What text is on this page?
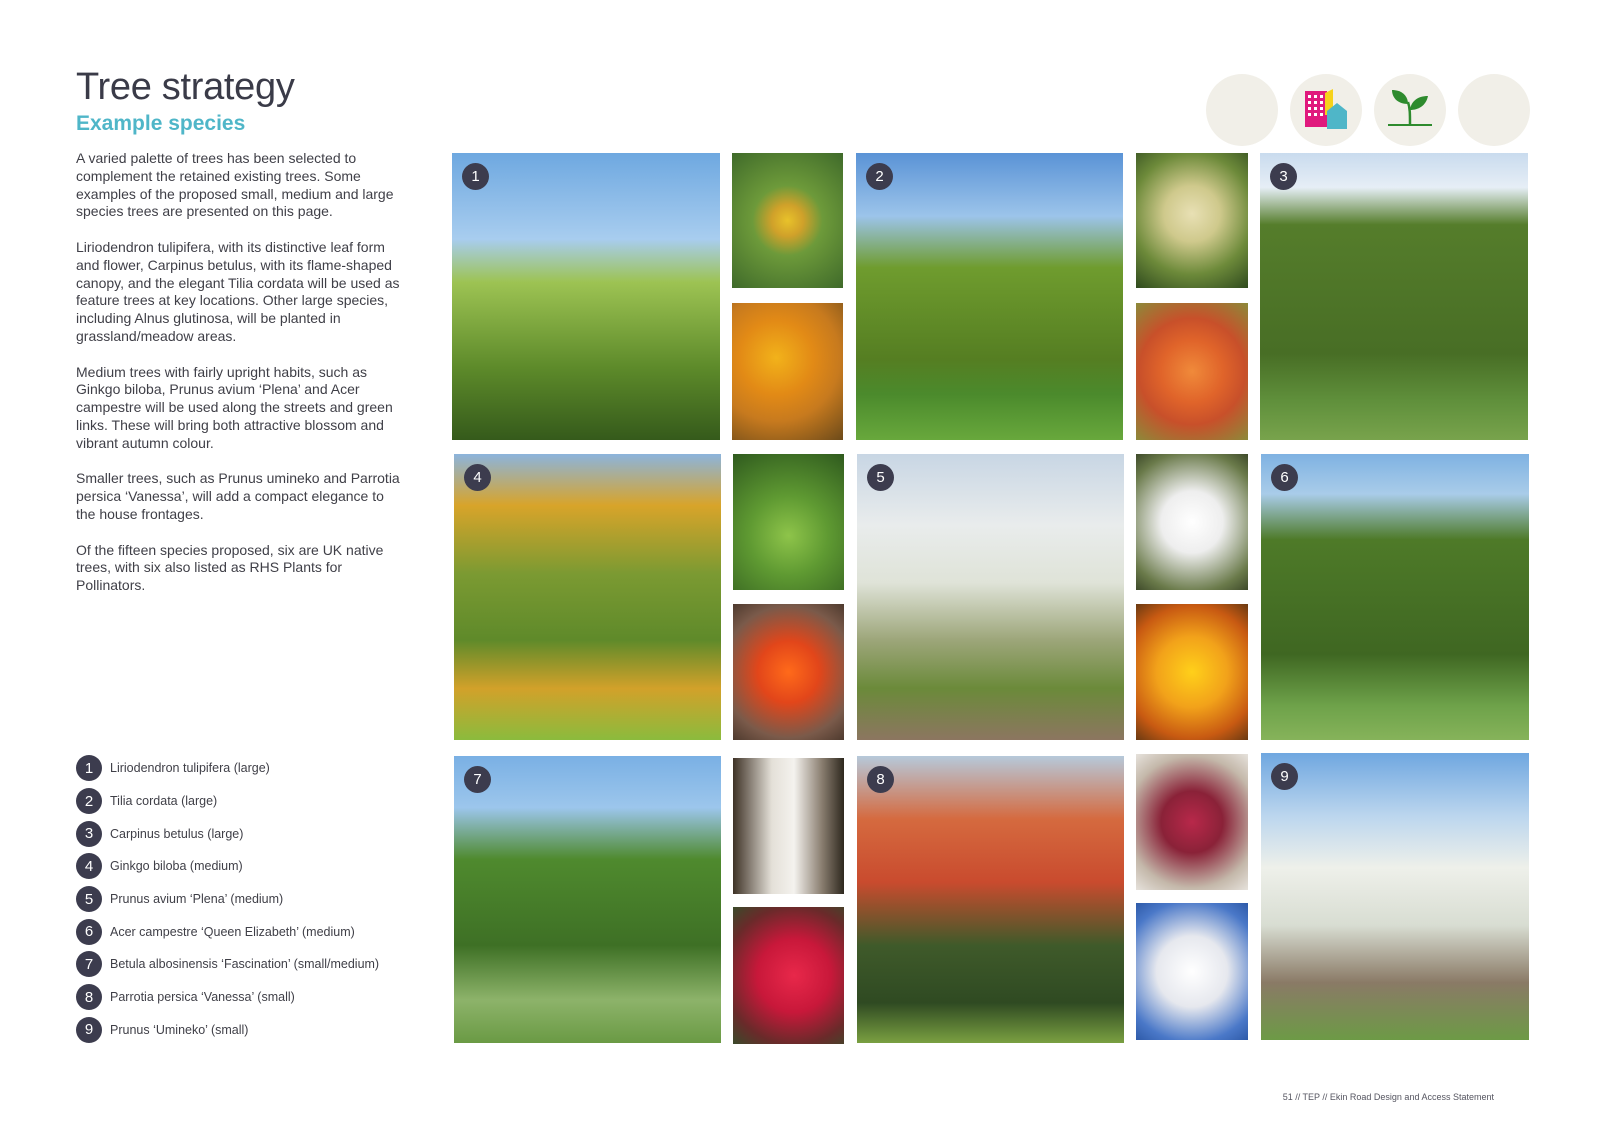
Tree strategy
Example species

A varied palette of trees has been selected to complement the retained existing trees. Some examples of the proposed small, medium and large species trees are presented on this page.

Liriodendron tulipifera, with its distinctive leaf form and flower, Carpinus betulus, with its flame-shaped canopy, and the elegant Tilia cordata will be used as feature trees at key locations. Other large species, including Alnus glutinosa, will be planted in grassland/meadow areas.

Medium trees with fairly upright habits, such as Ginkgo biloba, Prunus avium ‘Plena’ and Acer campestre will be used along the streets and green links. These will bring both attractive blossom and vibrant autumn colour.

Smaller trees, such as Prunus umineko and Parrotia persica ‘Vanessa’, will add a compact elegance to the house frontages.

Of the fifteen species proposed, six are UK native trees, with six also listed as RHS Plants for Pollinators.

1	Liriodendron tulipifera (large)
2	Tilia cordata (large)
3	Carpinus betulus (large)
4	Ginkgo biloba (medium)
5	Prunus avium ‘Plena’ (medium)
6	Acer campestre ‘Queen Elizabeth’ (medium)
7	Betula albosinensis ‘Fascination’ (small/medium)
8	Parrotia persica ‘Vanessa’ (small)
9	Prunus ‘Umineko’ (small)
1	2	3
4	5	6
7	8	9
51 // TEP // Ekin Road Design and Access Statement
